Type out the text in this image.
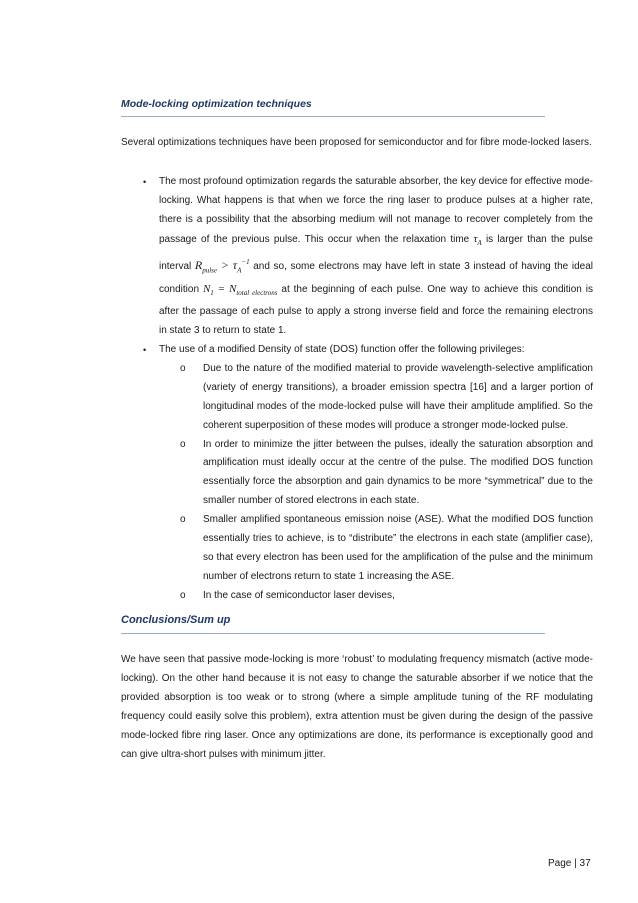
Mode-locking optimization techniques
Several optimizations techniques have been proposed for semiconductor and for fibre mode-locked lasers.
• The most profound optimization regards the saturable absorber, the key device for effective mode-locking. What happens is that when we force the ring laser to produce pulses at a higher rate, there is a possibility that the absorbing medium will not manage to recover completely from the passage of the previous pulse. This occur when the relaxation time $\tau_A$ is larger than the pulse interval $R_{pulse} > \tau_A^{-1}$ and so, some electrons may have left in state 3 instead of having the ideal condition $N_1 = N_{total electrons}$ at the beginning of each pulse. One way to achieve this condition is after the passage of each pulse to apply a strong inverse field and force the remaining electrons in state 3 to return to state 1.
• The use of a modified Density of state (DOS) function offer the following privileges:
o Due to the nature of the modified material to provide wavelength-selective amplification (variety of energy transitions), a broader emission spectra [16] and a larger portion of longitudinal modes of the mode-locked pulse will have their amplitude amplified. So the coherent superposition of these modes will produce a stronger mode-locked pulse.
o In order to minimize the jitter between the pulses, ideally the saturation absorption and amplification must ideally occur at the centre of the pulse. The modified DOS function essentially force the absorption and gain dynamics to be more “symmetrical” due to the smaller number of stored electrons in each state.
o Smaller amplified spontaneous emission noise (ASE). What the modified DOS function essentially tries to achieve, is to “distribute” the electrons in each state (amplifier case), so that every electron has been used for the amplification of the pulse and the minimum number of electrons return to state 1 increasing the ASE.
o In the case of semiconductor laser devises,
Conclusions/Sum up
We have seen that passive mode-locking is more ‘robust’ to modulating frequency mismatch (active mode-locking). On the other hand because it is not easy to change the saturable absorber if we notice that the provided absorption is too weak or to strong (where a simple amplitude tuning of the RF modulating frequency could easily solve this problem), extra attention must be given during the design of the passive mode-locked fibre ring laser. Once any optimizations are done, its performance is exceptionally good and can give ultra-short pulses with minimum jitter.
Page | 37
